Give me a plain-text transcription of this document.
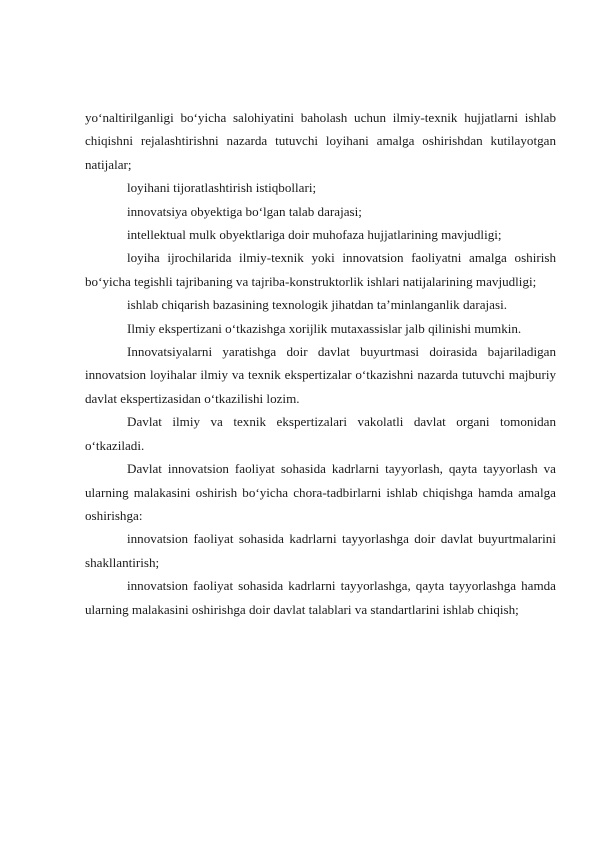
yo‘naltirilganligi bo‘yicha salohiyatini baholash uchun ilmiy-texnik hujjatlarni ishlab chiqishni rejalashtirishni nazarda tutuvchi loyihani amalga oshirishdan kutilayotgan natijalar;

loyihani tijoratlashtirish istiqbollari;

innovatsiya obyektiga bo‘lgan talab darajasi;

intellektual mulk obyektlariga doir muhofaza hujjatlarining mavjudligi;

loyiha ijrochilarida ilmiy-texnik yoki innovatsion faoliyatni amalga oshirish bo‘yicha tegishli tajribaning va tajriba-konstruktorlik ishlari natijalarining mavjudligi;

ishlab chiqarish bazasining texnologik jihatdan ta’minlanganlik darajasi.

Ilmiy ekspertizani o‘tkazishga xorijlik mutaxassislar jalb qilinishi mumkin.

Innovatsiyalarni yaratishga doir davlat buyurtmasi doirasida bajariladigan innovatsion loyihalar ilmiy va texnik ekspertizalar o‘tkazishni nazarda tutuvchi majburiy davlat ekspertizasidan o‘tkazilishi lozim.

Davlat ilmiy va texnik ekspertizalari vakolatli davlat organi tomonidan o‘tkaziladi.

Davlat innovatsion faoliyat sohasida kadrlarni tayyorlash, qayta tayyorlash va ularning malakasini oshirish bo‘yicha chora-tadbirlarni ishlab chiqishga hamda amalga oshirishga:

innovatsion faoliyat sohasida kadrlarni tayyorlashga doir davlat buyurtmalarini shakllantirish;

innovatsion faoliyat sohasida kadrlarni tayyorlashga, qayta tayyorlashga hamda ularning malakasini oshirishga doir davlat talablari va standartlarini ishlab chiqish;
